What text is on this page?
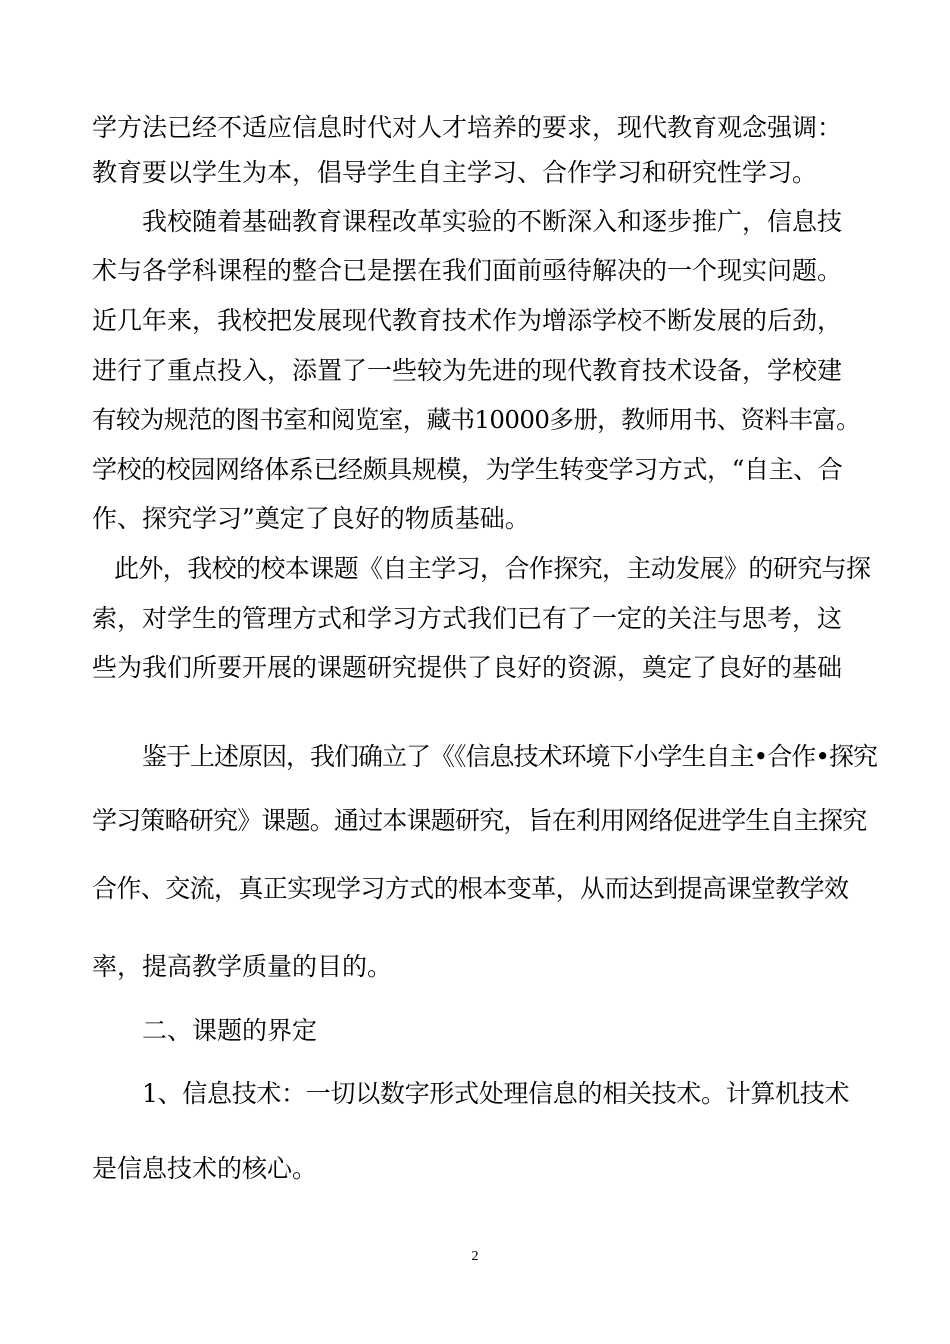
学方法已经不适应信息时代对人才培养的要求，现代教育观念强调：
教育要以学生为本，倡导学生自主学习、合作学习和研究性学习。
我校随着基础教育课程改革实验的不断深入和逐步推广，信息技
术与各学科课程的整合已是摆在我们面前亟待解决的一个现实问题。
近几年来，我校把发展现代教育技术作为增添学校不断发展的后劲，
进行了重点投入，添置了一些较为先进的现代教育技术设备，学校建
有较为规范的图书室和阅览室，藏书10000多册，教师用书、资料丰富。
学校的校园网络体系已经颇具规模，为学生转变学习方式，“自主、合
作、探究学习”奠定了良好的物质基础。
此外，我校的校本课题《自主学习，合作探究，主动发展》的研究与探
索，对学生的管理方式和学习方式我们已有了一定的关注与思考，这
些为我们所要开展的课题研究提供了良好的资源，奠定了良好的基础
鉴于上述原因，我们确立了《《信息技术环境下小学生自主•合作•探究
学习策略研究》课题。通过本课题研究，旨在利用网络促进学生自主探究
合作、交流，真正实现学习方式的根本变革，从而达到提高课堂教学效
率，提高教学质量的目的。
二、课题的界定
1、信息技术：一切以数字形式处理信息的相关技术。计算机技术
是信息技术的核心。
2
